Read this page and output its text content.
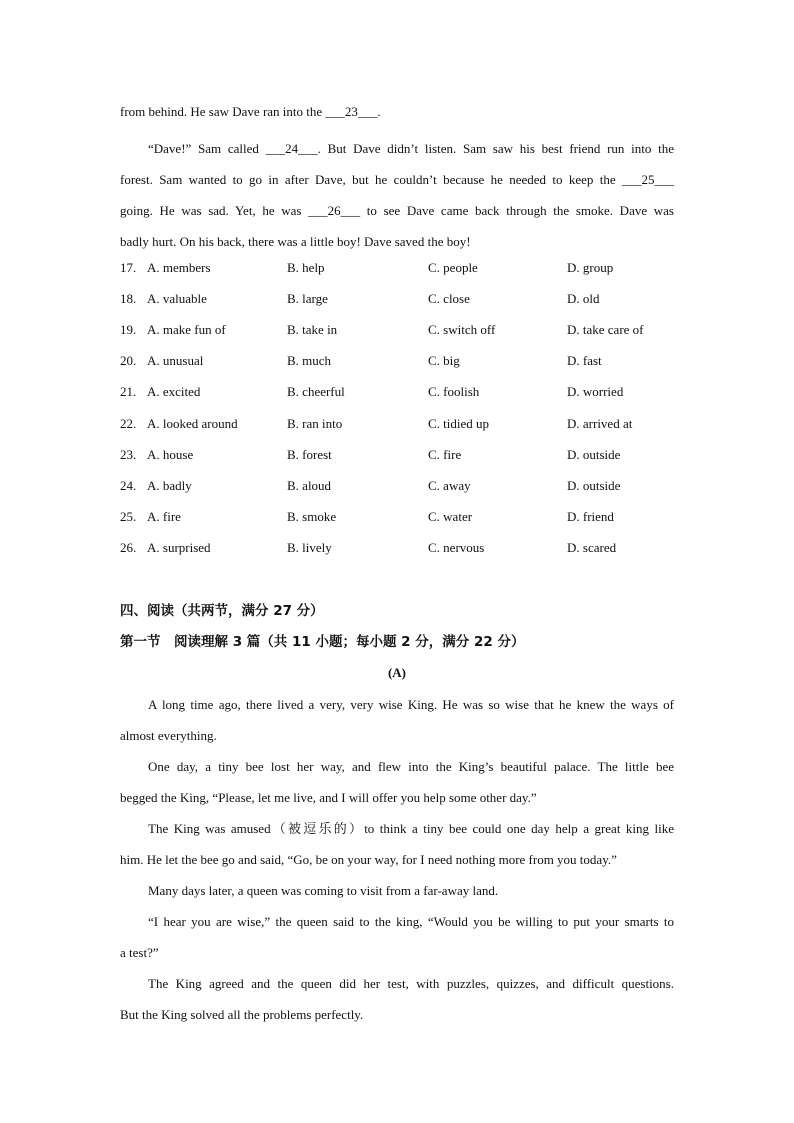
from behind. He saw Dave ran into the ___23___.
“Dave!” Sam called ___24___. But Dave didn’t listen. Sam saw his best friend run into the
forest. Sam wanted to go in after Dave, but he couldn’t because he needed to keep the ___25___
going. He was sad. Yet, he was ___26___ to see Dave came back through the smoke. Dave was
badly hurt. On his back, there was a little boy! Dave saved the boy!
17. A. members	B. help	C. people	D. group
18. A. valuable	B. large	C. close	D. old
19. A. make fun of	B. take in	C. switch off	D. take care of
20. A. unusual	B. much	C. big	D. fast
21. A. excited	B. cheerful	C. foolish	D. worried
22. A. looked around	B. ran into	C. tidied up	D. arrived at
23. A. house	B. forest	C. fire	D. outside
24. A. badly	B. aloud	C. away	D. outside
25. A. fire	B. smoke	C. water	D. friend
26. A. surprised	B. lively	C. nervous	D. scared
四、阅读（共两节，满分 27 分）
第一节　阅读理解 3 篇（共 11 小题；每小题 2 分，满分 22 分）
(A)
A long time ago, there lived a very, very wise King. He was so wise that he knew the ways of
almost everything.
One day, a tiny bee lost her way, and flew into the King’s beautiful palace. The little bee
begged the King, “Please, let me live, and I will offer you help some other day.”
The King was amused（被逗乐的）to think a tiny bee could one day help a great king like
him. He let the bee go and said, “Go, be on your way, for I need nothing more from you today.”
Many days later, a queen was coming to visit from a far-away land.
“I hear you are wise,” the queen said to the king, “Would you be willing to put your smarts to
a test?”
The King agreed and the queen did her test, with puzzles, quizzes, and difficult questions.
But the King solved all the problems perfectly.
